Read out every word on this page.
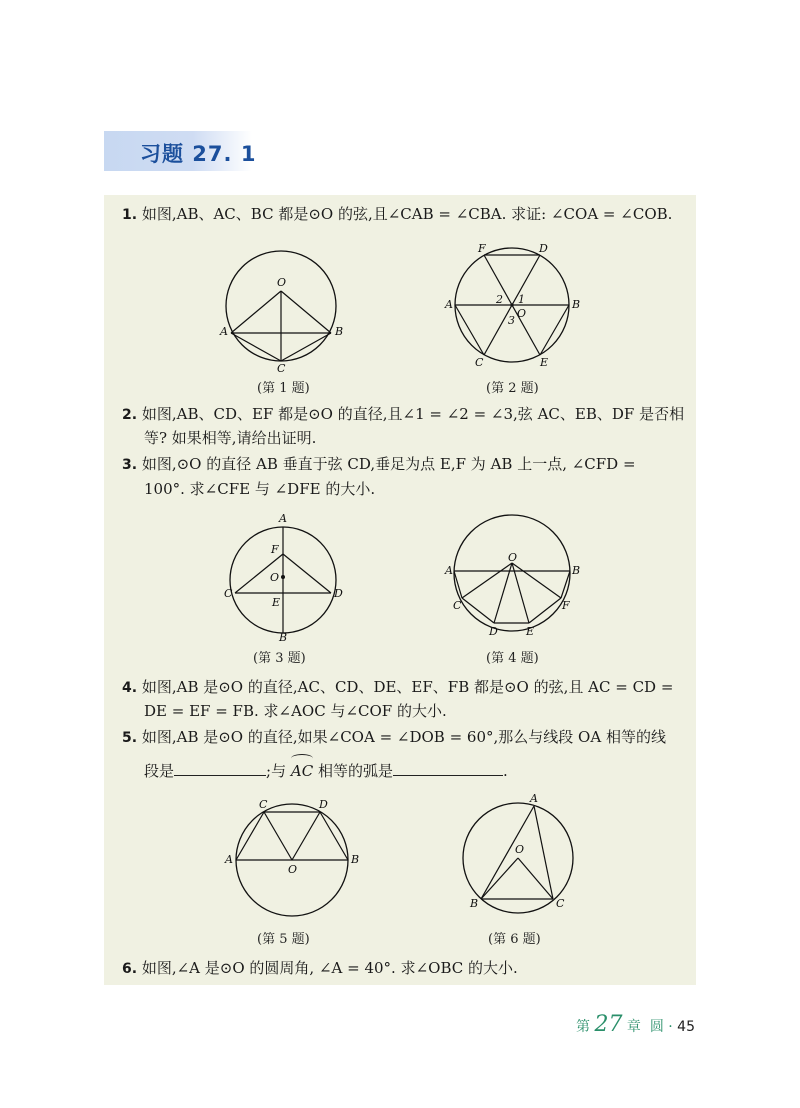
习题 27. 1
1. 如图,AB、AC、BC 都是⊙O 的弦,且∠CAB = ∠CBA. 求证: ∠COA = ∠COB.
O
A	B
C
(第 1 题)
F	D
A	B
C	E
O
1
2
3
(第 2 题)
2. 如图,AB、CD、EF 都是⊙O 的直径,且∠1 = ∠2 = ∠3,弦 AC、EB、DF 是否相
等? 如果相等,请给出证明.
3. 如图,⊙O 的直径 AB 垂直于弦 CD,垂足为点 E,F 为 AB 上一点, ∠CFD =
100°. 求∠CFE 与 ∠DFE 的大小.
A
F
O
C	D
E
B
(第 3 题)
O
A	B
C	F
D	E
(第 4 题)
4. 如图,AB 是⊙O 的直径,AC、CD、DE、EF、FB 都是⊙O 的弦,且 AC = CD =
DE = EF = FB. 求∠AOC 与∠COF 的大小.
5. 如图,AB 是⊙O 的直径,如果∠COA = ∠DOB = 60°,那么与线段 OA 相等的线
段是	;与 AC 相等的弧是	.
C	D
A	B
O
(第 5 题)
A
O
B	C
(第 6 题)
6. 如图,∠A 是⊙O 的圆周角, ∠A = 40°. 求∠OBC 的大小.
第 27 章 圆 · 45
